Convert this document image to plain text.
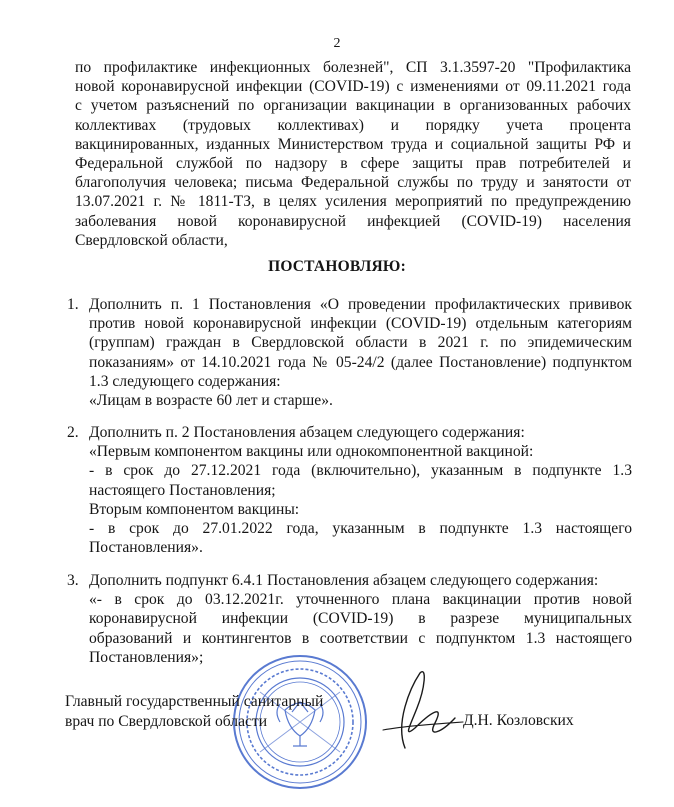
2
по профилактике инфекционных болезней", СП 3.1.3597-20 "Профилактика
новой коронавирусной инфекции (COVID-19) с изменениями от 09.11.2021 года
с учетом разъяснений по организации вакцинации в организованных рабочих
коллективах (трудовых коллективах) и порядку учета процента
вакцинированных, изданных Министерством труда и социальной защиты РФ и
Федеральной службой по надзору в сфере защиты прав потребителей и
благополучия человека; письма Федеральной службы по труду и занятости от
13.07.2021 г. № 1811-ТЗ, в целях усиления мероприятий по предупреждению
заболевания новой коронавирусной инфекцией (COVID-19) населения
Свердловской области,
ПОСТАНОВЛЯЮ:
1. Дополнить п. 1 Постановления «О проведении профилактических прививок
против новой коронавирусной инфекции (COVID-19) отдельным категориям
(группам) граждан в Свердловской области в 2021 г. по эпидемическим
показаниям» от 14.10.2021 года № 05-24/2 (далее Постановление) подпунктом
1.3 следующего содержания:
«Лицам в возрасте 60 лет и старше».
2. Дополнить п. 2 Постановления абзацем следующего содержания:
«Первым компонентом вакцины или однокомпонентной вакциной:
- в срок до 27.12.2021 года (включительно), указанным в подпункте 1.3
настоящего Постановления;
Вторым компонентом вакцины:
- в срок до 27.01.2022 года, указанным в подпункте 1.3 настоящего
Постановления».
3. Дополнить подпункт 6.4.1 Постановления абзацем следующего содержания:
«- в срок до 03.12.2021г. уточненного плана вакцинации против новой
коронавирусной инфекции (COVID-19) в разрезе муниципальных
образований и контингентов в соответствии с подпунктом 1.3 настоящего
Постановления»;
Главный государственный санитарный
врач по Свердловской области	Д.Н. Козловских
